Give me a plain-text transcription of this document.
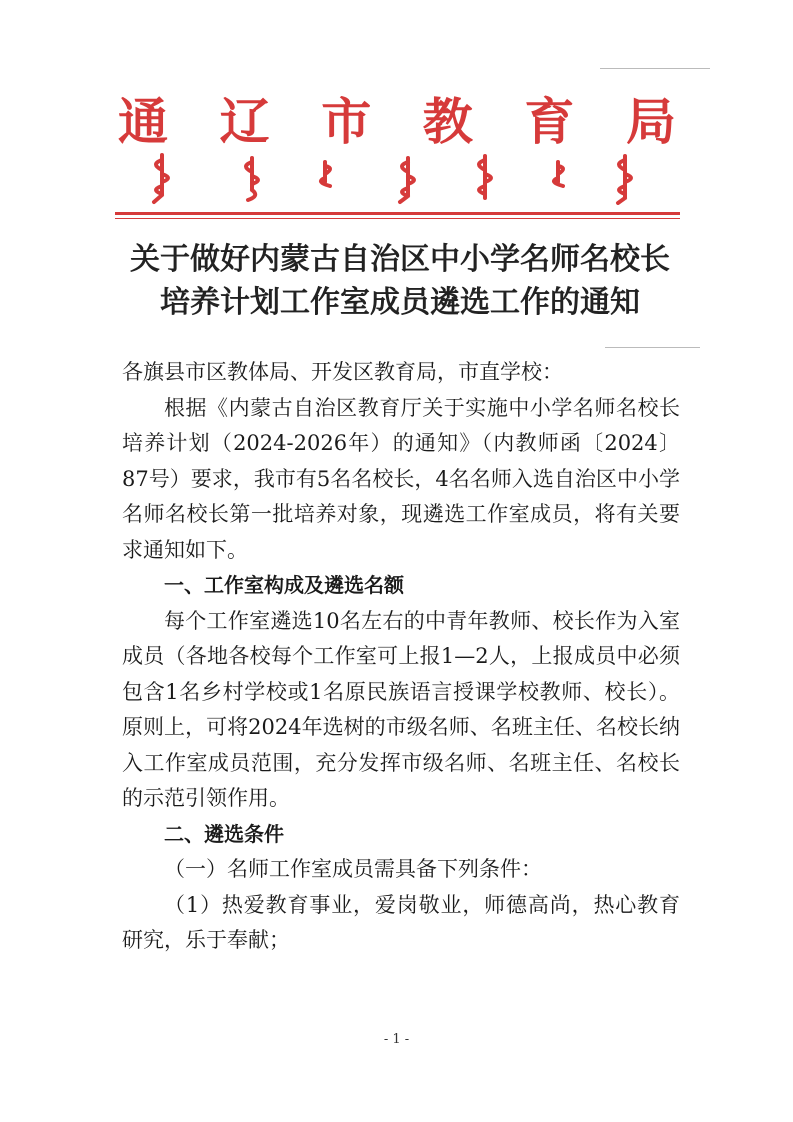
通 辽 市 教 育 局
关于做好内蒙古自治区中小学名师名校长
培养计划工作室成员遴选工作的通知

各旗县市区教体局、开发区教育局，市直学校：

根据《内蒙古自治区教育厅关于实施中小学名师名校长培养计划（2024-2026年）的通知》（内教师函〔2024〕87号）要求，我市有5名名校长，4名名师入选自治区中小学名师名校长第一批培养对象，现遴选工作室成员，将有关要求通知如下。

一、工作室构成及遴选名额

每个工作室遴选10名左右的中青年教师、校长作为入室成员（各地各校每个工作室可上报1—2人，上报成员中必须包含1名乡村学校或1名原民族语言授课学校教师、校长）。原则上，可将2024年选树的市级名师、名班主任、名校长纳入工作室成员范围，充分发挥市级名师、名班主任、名校长的示范引领作用。

二、遴选条件

（一）名师工作室成员需具备下列条件：

（1）热爱教育事业，爱岗敬业，师德高尚，热心教育研究，乐于奉献；

- 1 -
